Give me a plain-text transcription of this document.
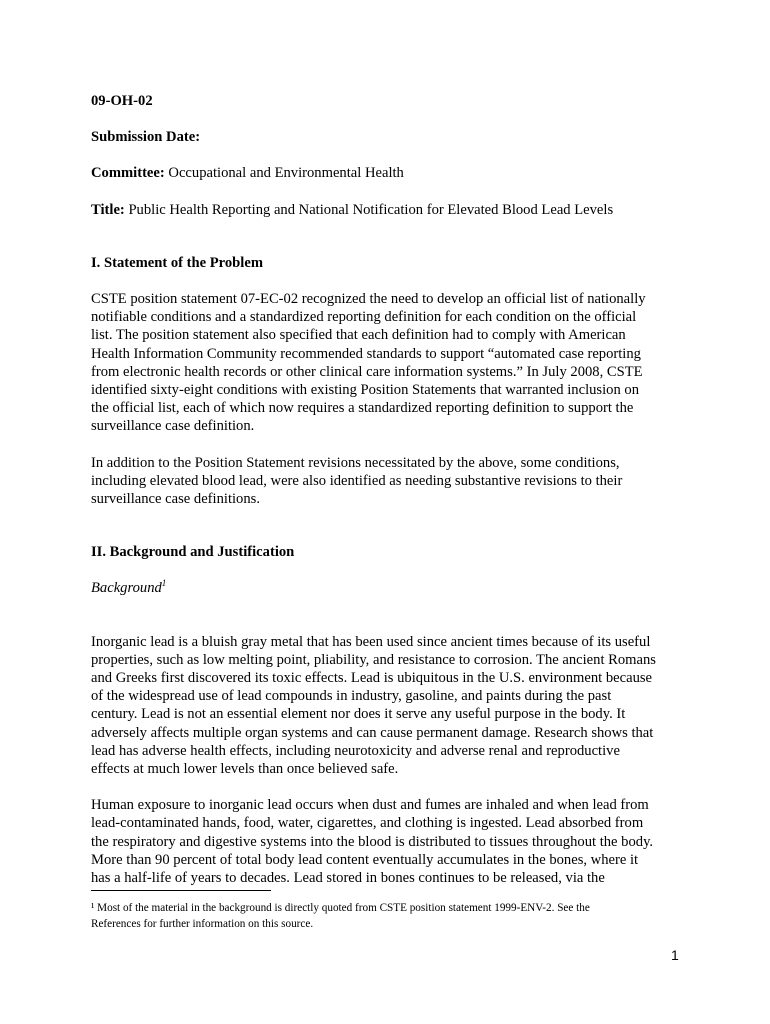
09-OH-02

Submission Date:

Committee: Occupational and Environmental Health

Title: Public Health Reporting and National Notification for Elevated Blood Lead Levels

I. Statement of the Problem

CSTE position statement 07-EC-02 recognized the need to develop an official list of nationally
notifiable conditions and a standardized reporting definition for each condition on the official
list. The position statement also specified that each definition had to comply with American
Health Information Community recommended standards to support “automated case reporting
from electronic health records or other clinical care information systems.” In July 2008, CSTE
identified sixty-eight conditions with existing Position Statements that warranted inclusion on
the official list, each of which now requires a standardized reporting definition to support the
surveillance case definition.

In addition to the Position Statement revisions necessitated by the above, some conditions,
including elevated blood lead, were also identified as needing substantive revisions to their
surveillance case definitions.

II. Background and Justification

Background$^1$

Inorganic lead is a bluish gray metal that has been used since ancient times because of its useful
properties, such as low melting point, pliability, and resistance to corrosion. The ancient Romans
and Greeks first discovered its toxic effects. Lead is ubiquitous in the U.S. environment because
of the widespread use of lead compounds in industry, gasoline, and paints during the past
century. Lead is not an essential element nor does it serve any useful purpose in the body. It
adversely affects multiple organ systems and can cause permanent damage. Research shows that
lead has adverse health effects, including neurotoxicity and adverse renal and reproductive
effects at much lower levels than once believed safe.

Human exposure to inorganic lead occurs when dust and fumes are inhaled and when lead from
lead-contaminated hands, food, water, cigarettes, and clothing is ingested. Lead absorbed from
the respiratory and digestive systems into the blood is distributed to tissues throughout the body.
More than 90 percent of total body lead content eventually accumulates in the bones, where it
has a half-life of years to decades. Lead stored in bones continues to be released, via the

¹ Most of the material in the background is directly quoted from CSTE position statement 1999-ENV-2. See the
References for further information on this source.
1
